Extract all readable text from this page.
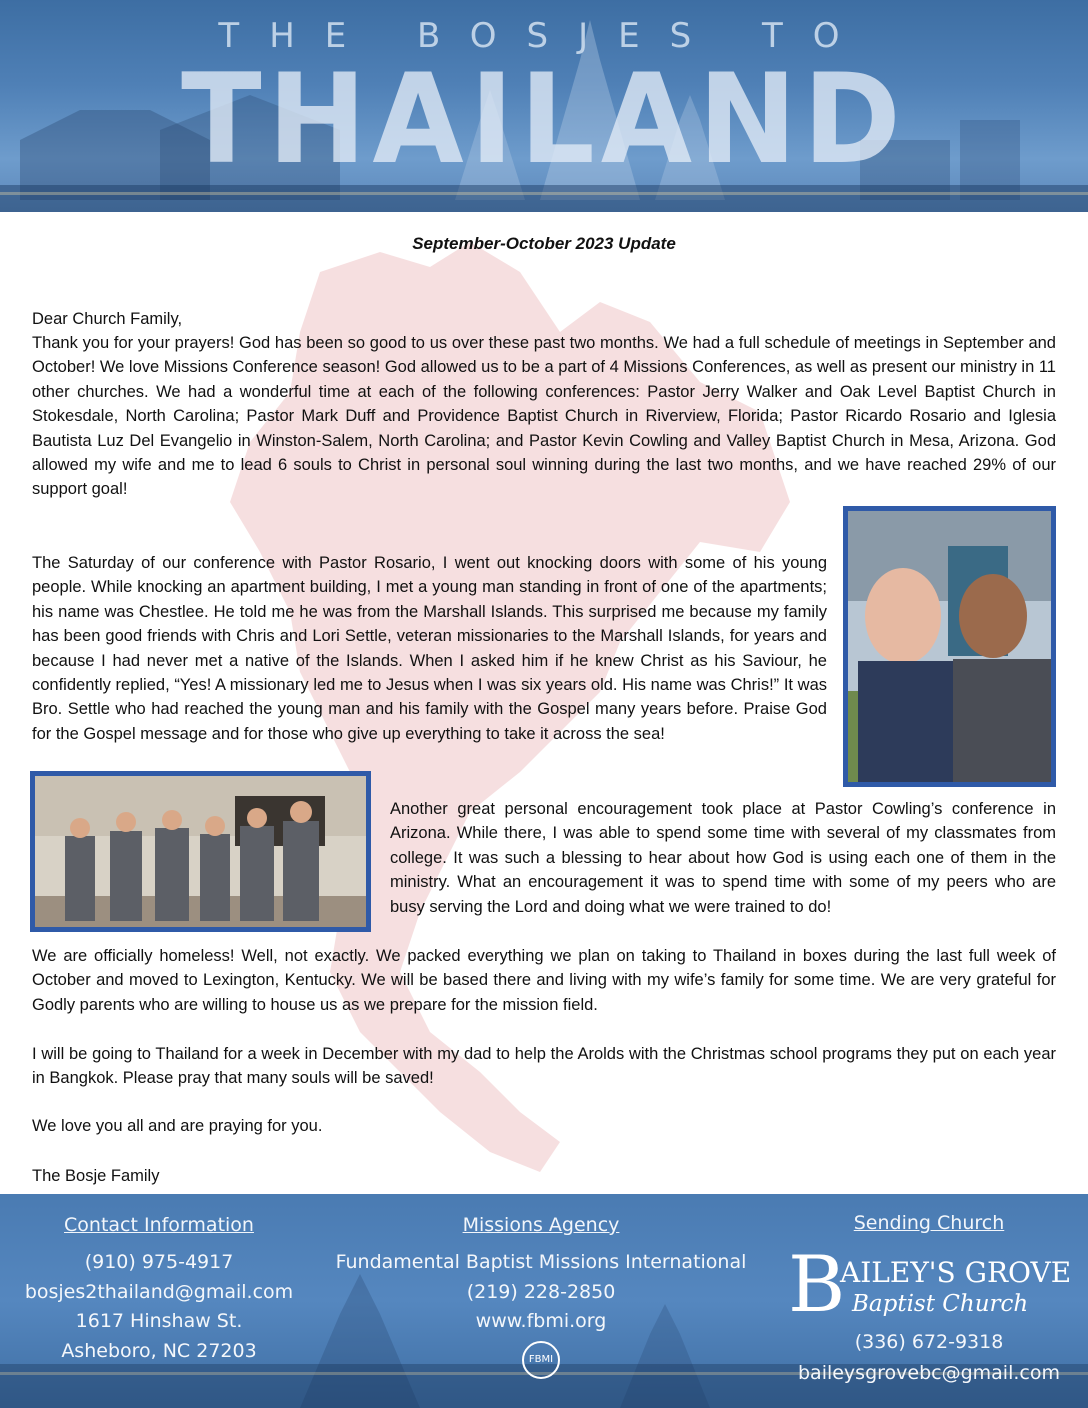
THE BOSJES TO
THAILAND
September-October 2023 Update

Dear Church Family,

Thank you for your prayers! God has been so good to us over these past two months. We had a full schedule of meetings in September and October! We love Missions Conference season! God allowed us to be a part of 4 Missions Conferences, as well as present our ministry in 11 other churches. We had a wonderful time at each of the following conferences: Pastor Jerry Walker and Oak Level Baptist Church in Stokesdale, North Carolina; Pastor Mark Duff and Providence Baptist Church in Riverview, Florida; Pastor Ricardo Rosario and Iglesia Bautista Luz Del Evangelio in Winston-Salem, North Carolina; and Pastor Kevin Cowling and Valley Baptist Church in Mesa, Arizona. God allowed my wife and me to lead 6 souls to Christ in personal soul winning during the last two months, and we have reached 29% of our support goal!

The Saturday of our conference with Pastor Rosario, I went out knocking doors with some of his young people. While knocking an apartment building, I met a young man standing in front of one of the apartments; his name was Chestlee. He told me he was from the Marshall Islands. This surprised me because my family has been good friends with Chris and Lori Settle, veteran missionaries to the Marshall Islands, for years and because I had never met a native of the Islands. When I asked him if he knew Christ as his Saviour, he confidently replied, “Yes! A missionary led me to Jesus when I was six years old. His name was Chris!” It was Bro. Settle who had reached the young man and his family with the Gospel many years before. Praise God for the Gospel message and for those who give up everything to take it across the sea!

Another great personal encouragement took place at Pastor Cowling’s conference in Arizona. While there, I was able to spend some time with several of my classmates from college. It was such a blessing to hear about how God is using each one of them in the ministry. What an encouragement it was to spend time with some of my peers who are busy serving the Lord and doing what we were trained to do!

We are officially homeless! Well, not exactly. We packed everything we plan on taking to Thailand in boxes during the last full week of October and moved to Lexington, Kentucky. We will be based there and living with my wife’s family for some time. We are very grateful for Godly parents who are willing to house us as we prepare for the mission field.

I will be going to Thailand for a week in December with my dad to help the Arolds with the Christmas school programs they put on each year in Bangkok. Please pray that many souls will be saved!

We love you all and are praying for you.

The Bosje Family

Contact Information
(910) 975-4917
bosjes2thailand@gmail.com
1617 Hinshaw St.
Asheboro, NC 27203
Missions Agency
Fundamental Baptist Missions International
(219) 228-2850
www.fbmi.org
FBMI
Sending Church
B
AILEY'S GROVE
Baptist Church
(336) 672-9318
baileysgrovebc@gmail.com
